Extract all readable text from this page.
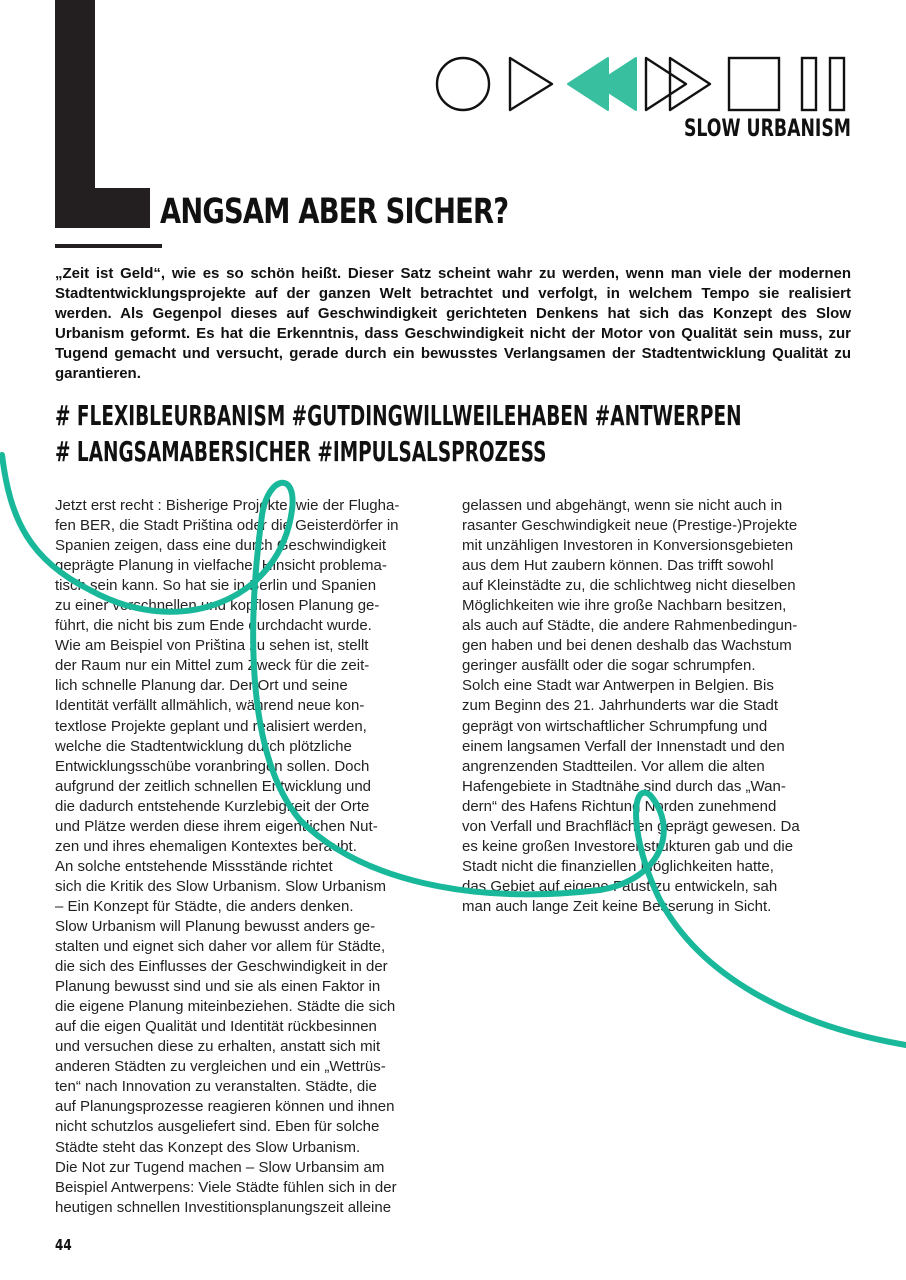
ANGSAM ABER SICHER?
SLOW URBANISM

„Zeit ist Geld“, wie es so schön heißt. Dieser Satz scheint wahr zu werden, wenn man viele der modernen Stadtentwicklungsprojekte auf der ganzen Welt betrachtet und verfolgt, in welchem Tempo sie realisiert werden. Als Gegenpol dieses auf Geschwindigkeit gerichteten Denkens hat sich das Konzept des Slow Urbanism geformt. Es hat die Erkenntnis, dass Geschwindigkeit nicht der Motor von Qualität sein muss, zur Tugend gemacht und versucht, gerade durch ein bewusstes Verlangsamen der Stadtentwicklung Qualität zu garantieren.

# FLEXIBLEURBANISM #GUTDINGWILLWEILEHABEN #ANTWERPEN
# LANGSAMABERSICHER #IMPULSALSPROZESS
Jetzt erst recht : Bisherige Projekte, wie der Flugha-
fen BER, die Stadt Priština oder die Geisterdörfer in
Spanien zeigen, dass eine durch Geschwindigkeit
geprägte Planung in vielfacher Hinsicht problema-
tisch sein kann. So hat sie in Berlin und Spanien
zu einer vorschnellen und kopflosen Planung ge-
führt, die nicht bis zum Ende durchdacht wurde.
Wie am Beispiel von Priština zu sehen ist, stellt
der Raum nur ein Mittel zum Zweck für die zeit-
lich schnelle Planung dar. Der Ort und seine
Identität verfällt allmählich, während neue kon-
textlose Projekte geplant und realisiert werden,
welche die Stadtentwicklung durch plötzliche
Entwicklungsschübe voranbringen sollen. Doch
aufgrund der zeitlich schnellen Entwicklung und
die dadurch entstehende Kurzlebigkeit der Orte
und Plätze werden diese ihrem eigentlichen Nut-
zen und ihres ehemaligen Kontextes beraubt.
An solche entstehende Missstände richtet
sich die Kritik des Slow Urbanism. Slow Urbanism
– Ein Konzept für Städte, die anders denken.
Slow Urbanism will Planung bewusst anders ge-
stalten und eignet sich daher vor allem für Städte,
die sich des Einflusses der Geschwindigkeit in der
Planung bewusst sind und sie als einen Faktor in
die eigene Planung miteinbeziehen. Städte die sich
auf die eigen Qualität und Identität rückbesinnen
und versuchen diese zu erhalten, anstatt sich mit
anderen Städten zu vergleichen und ein „Wettrüs-
ten“ nach Innovation zu veranstalten. Städte, die
auf Planungsprozesse reagieren können und ihnen
nicht schutzlos ausgeliefert sind. Eben für solche
Städte steht das Konzept des Slow Urbanism.
Die Not zur Tugend machen – Slow Urbansim am
Beispiel Antwerpens: Viele Städte fühlen sich in der
heutigen schnellen Investitionsplanungszeit alleine
gelassen und abgehängt, wenn sie nicht auch in
rasanter Geschwindigkeit neue (Prestige-)Projekte
mit unzähligen Investoren in Konversionsgebieten
aus dem Hut zaubern können. Das trifft sowohl
auf Kleinstädte zu, die schlichtweg nicht dieselben
Möglichkeiten wie ihre große Nachbarn besitzen,
als auch auf Städte, die andere Rahmenbedingun-
gen haben und bei denen deshalb das Wachstum
geringer ausfällt oder die sogar schrumpfen.
Solch eine Stadt war Antwerpen in Belgien. Bis
zum Beginn des 21. Jahrhunderts war die Stadt
geprägt von wirtschaftlicher Schrumpfung und
einem langsamen Verfall der Innenstadt und den
angrenzenden Stadtteilen. Vor allem die alten
Hafengebiete in Stadtnähe sind durch das „Wan-
dern“ des Hafens Richtung Norden zunehmend
von Verfall und Brachflächen geprägt gewesen. Da
es keine großen Investorenstrukturen gab und die
Stadt nicht die finanziellen Möglichkeiten hatte,
das Gebiet auf eigene Faust zu entwickeln, sah
man auch lange Zeit keine Besserung in Sicht.

44
